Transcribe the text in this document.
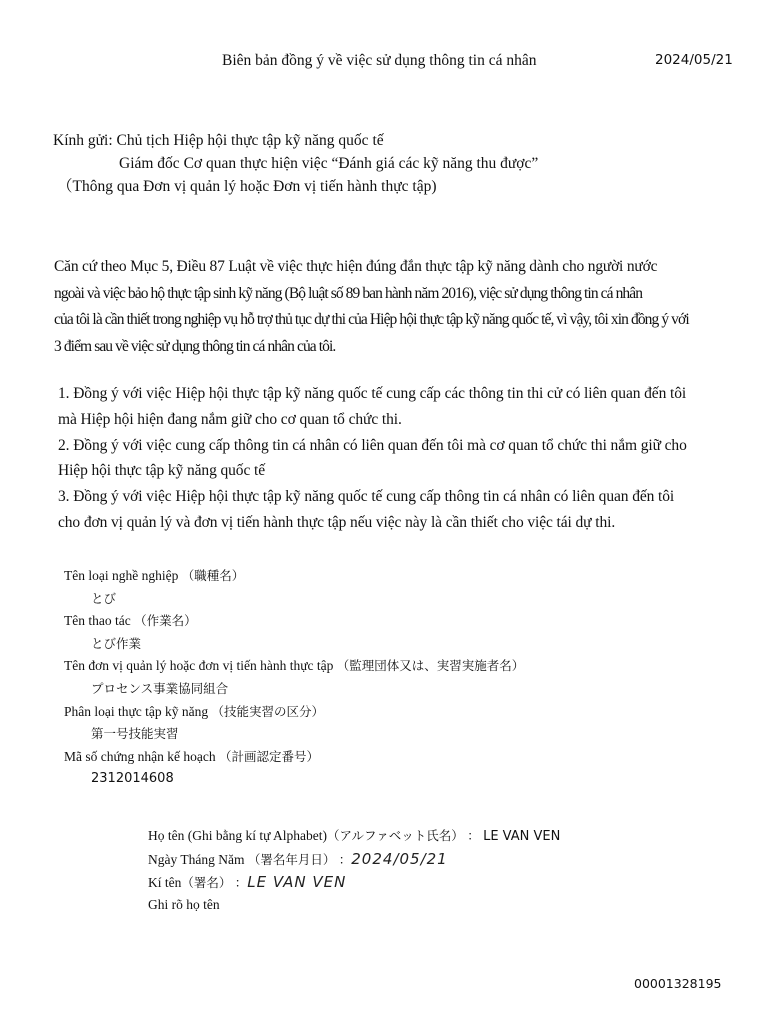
Biên bản đồng ý về việc sử dụng thông tin cá nhân	2024/05/21
Kính gửi: Chủ tịch Hiệp hội thực tập kỹ năng quốc tế
Giám đốc Cơ quan thực hiện việc “Đánh giá các kỹ năng thu được”
（Thông qua Đơn vị quản lý hoặc Đơn vị tiến hành thực tập)
Căn cứ theo Mục 5, Điều 87 Luật về việc thực hiện đúng đắn thực tập kỹ năng dành cho người nước
ngoài và việc bảo hộ thực tập sinh kỹ năng (Bộ luật số 89 ban hành năm 2016), việc sử dụng thông tin cá nhân
của tôi là cần thiết trong nghiệp vụ hỗ trợ thủ tục dự thi của Hiệp hội thực tập kỹ năng quốc tế, vì vậy, tôi xin đồng ý với
3 điểm sau về việc sử dụng thông tin cá nhân của tôi.
1. Đồng ý với việc Hiệp hội thực tập kỹ năng quốc tế cung cấp các thông tin thi cử có liên quan đến tôi
mà Hiệp hội hiện đang nắm giữ cho cơ quan tổ chức thi.
2. Đồng ý với việc cung cấp thông tin cá nhân có liên quan đến tôi mà cơ quan tổ chức thi nắm giữ cho
Hiệp hội thực tập kỹ năng quốc tế
3. Đồng ý với việc Hiệp hội thực tập kỹ năng quốc tế cung cấp thông tin cá nhân có liên quan đến tôi
cho đơn vị quản lý và đơn vị tiến hành thực tập nếu việc này là cần thiết cho việc tái dự thi.
Tên loại nghề nghiệp （職種名）
とび
Tên thao tác （作業名）
とび作業
Tên đơn vị quản lý hoặc đơn vị tiến hành thực tập （監理団体又は、実習実施者名）
プロセンス事業協同組合
Phân loại thực tập kỹ năng （技能実習の区分）
第一号技能実習
Mã số chứng nhận kế hoạch （計画認定番号）
2312014608
Họ tên (Ghi bằng kí tự Alphabet)（アルファベット氏名） ： LE VAN VEN
Ngày Tháng Năm （署名年月日） ：2024/05/21
Kí tên（署名） ：LE VAN VEN
Ghi rõ họ tên
00001328195
